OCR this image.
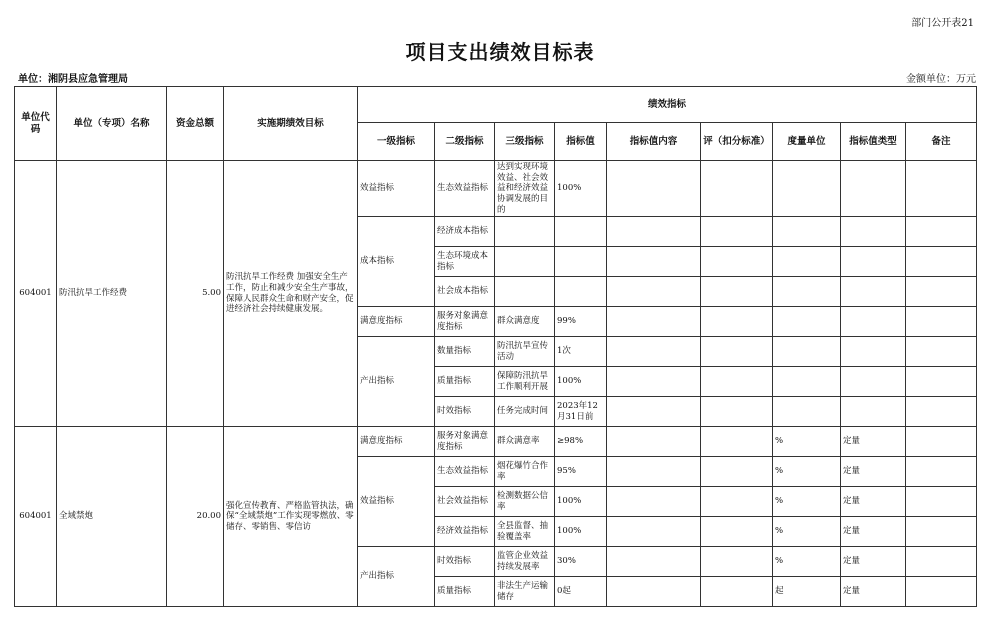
部门公开表21
项目支出绩效目标表
单位：湘阴县应急管理局	金额单位：万元
单位代码	单位（专项）名称	资金总额	实施期绩效目标	绩效指标								
				一级指标	二级指标	三级指标	指标值	指标值内容	评（扣分标准）	度量单位	指标值类型	备注
604001	防汛抗旱工作经费	5.00	防汛抗旱工作经费 加强安全生产工作，防止和减少安全生产事故，保障人民群众生命和财产安全，促进经济社会持续健康发展。	效益指标	生态效益指标	达到实现环境效益、社会效益和经济效益协调发展的目的	100%					
				成本指标	经济成本指标							
					生态环境成本指标							
					社会成本指标							
				满意度指标	服务对象满意度指标	群众满意度	99%					
				产出指标	数量指标	防汛抗旱宣传活动	1次					
					质量指标	保障防汛抗旱工作顺利开展	100%					
					时效指标	任务完成时间	2023年12月31日前					
604001	全域禁炮	20.00	强化宣传教育、严格监管执法，确保“全域禁炮”工作实现零燃放、零储存、零销售、零信访	满意度指标	服务对象满意度指标	群众满意率	≥98%			%	定量	
				效益指标	生态效益指标	烟花爆竹合作率	95%			%	定量	
					社会效益指标	检测数据公信率	100%			%	定量	
					经济效益指标	全县监督、抽验覆盖率	100%			%	定量	
				产出指标	时效指标	监管企业效益持续发展率	30%			%	定量	
					质量指标	非法生产运输储存	0起			起	定量	
